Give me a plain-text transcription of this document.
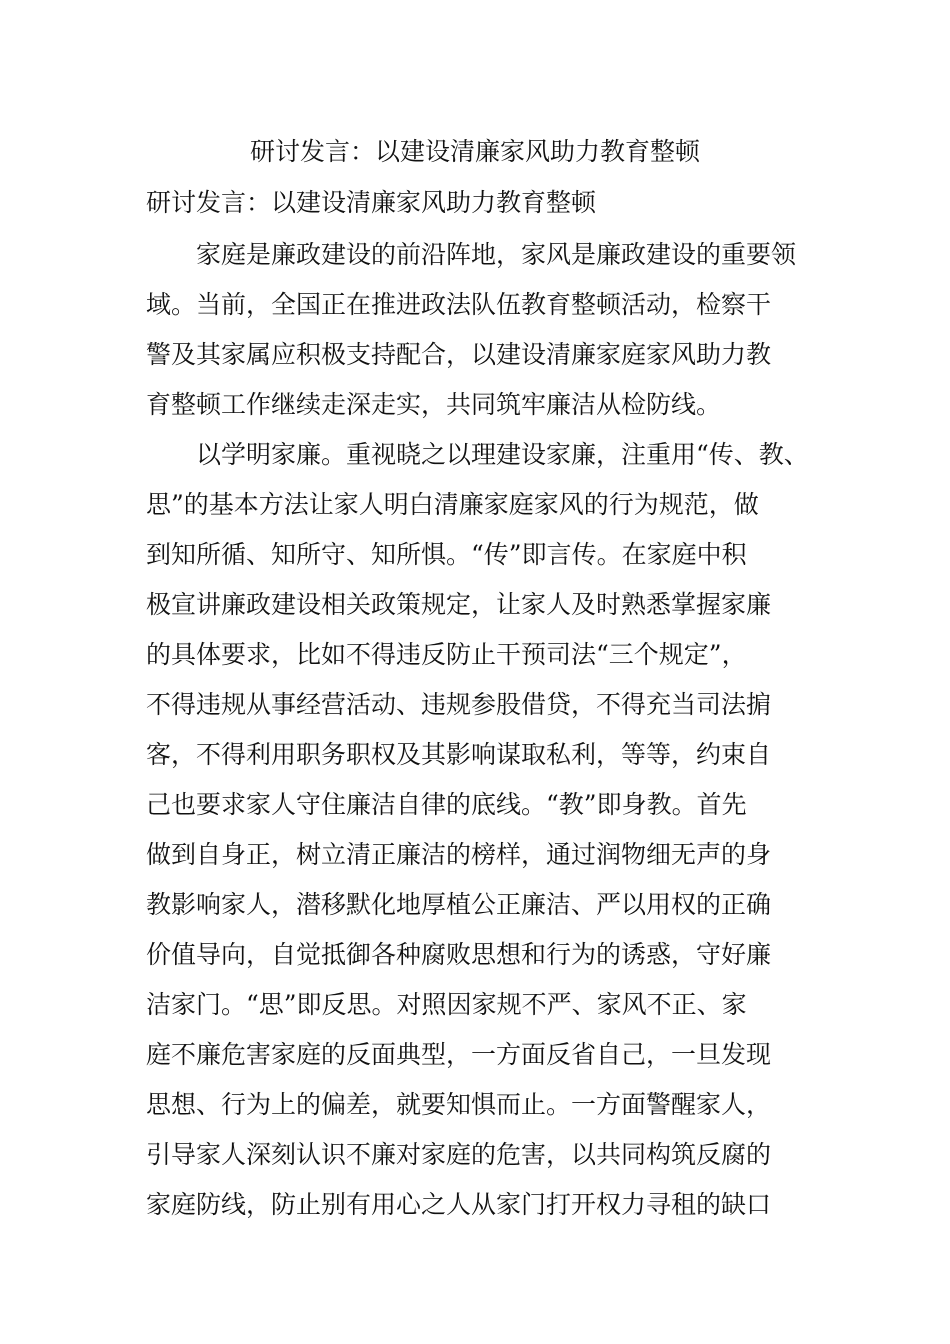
研讨发言：以建设清廉家风助力教育整顿
研讨发言：以建设清廉家风助力教育整顿

　　家庭是廉政建设的前沿阵地，家风是廉政建设的重要领
域。当前，全国正在推进政法队伍教育整顿活动，检察干
警及其家属应积极支持配合，以建设清廉家庭家风助力教
育整顿工作继续走深走实，共同筑牢廉洁从检防线。

　　以学明家廉。重视晓之以理建设家廉，注重用“传、教、
思”的基本方法让家人明白清廉家庭家风的行为规范，做
到知所循、知所守、知所惧。“传”即言传。在家庭中积
极宣讲廉政建设相关政策规定，让家人及时熟悉掌握家廉
的具体要求，比如不得违反防止干预司法“三个规定”，
不得违规从事经营活动、违规参股借贷，不得充当司法掮
客，不得利用职务职权及其影响谋取私利，等等，约束自
己也要求家人守住廉洁自律的底线。“教”即身教。首先
做到自身正，树立清正廉洁的榜样，通过润物细无声的身
教影响家人，潜移默化地厚植公正廉洁、严以用权的正确
价值导向，自觉抵御各种腐败思想和行为的诱惑，守好廉
洁家门。“思”即反思。对照因家规不严、家风不正、家
庭不廉危害家庭的反面典型，一方面反省自己，一旦发现
思想、行为上的偏差，就要知惧而止。一方面警醒家人，
引导家人深刻认识不廉对家庭的危害，以共同构筑反腐的
家庭防线，防止别有用心之人从家门打开权力寻租的缺口
